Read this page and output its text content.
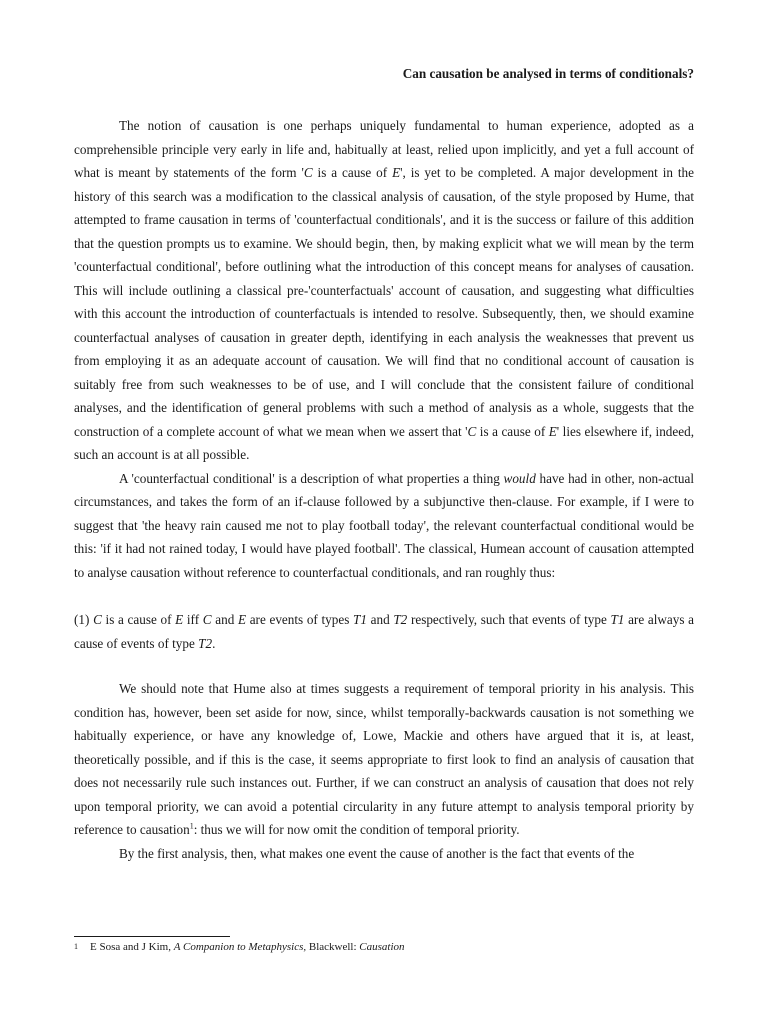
Can causation be analysed in terms of conditionals?

The notion of causation is one perhaps uniquely fundamental to human experience, adopted as a comprehensible principle very early in life and, habitually at least, relied upon implicitly, and yet a full account of what is meant by statements of the form 'C is a cause of E', is yet to be completed. A major development in the history of this search was a modification to the classical analysis of causation, of the style proposed by Hume, that attempted to frame causation in terms of 'counterfactual conditionals', and it is the success or failure of this addition that the question prompts us to examine. We should begin, then, by making explicit what we will mean by the term 'counterfactual conditional', before outlining what the introduction of this concept means for analyses of causation. This will include outlining a classical pre-'counterfactuals' account of causation, and suggesting what difficulties with this account the introduction of counterfactuals is intended to resolve. Subsequently, then, we should examine counterfactual analyses of causation in greater depth, identifying in each analysis the weaknesses that prevent us from employing it as an adequate account of causation. We will find that no conditional account of causation is suitably free from such weaknesses to be of use, and I will conclude that the consistent failure of conditional analyses, and the identification of general problems with such a method of analysis as a whole, suggests that the construction of a complete account of what we mean when we assert that 'C is a cause of E' lies elsewhere if, indeed, such an account is at all possible.

A 'counterfactual conditional' is a description of what properties a thing would have had in other, non-actual circumstances, and takes the form of an if-clause followed by a subjunctive then-clause. For example, if I were to suggest that 'the heavy rain caused me not to play football today', the relevant counterfactual conditional would be this: 'if it had not rained today, I would have played football'. The classical, Humean account of causation attempted to analyse causation without reference to counterfactual conditionals, and ran roughly thus:

(1) C is a cause of E iff C and E are events of types T1 and T2 respectively, such that events of type T1 are always a cause of events of type T2.

We should note that Hume also at times suggests a requirement of temporal priority in his analysis. This condition has, however, been set aside for now, since, whilst temporally-backwards causation is not something we habitually experience, or have any knowledge of, Lowe, Mackie and others have argued that it is, at least, theoretically possible, and if this is the case, it seems appropriate to first look to find an analysis of causation that does not necessarily rule such instances out. Further, if we can construct an analysis of causation that does not rely upon temporal priority, we can avoid a potential circularity in any future attempt to analysis temporal priority by reference to causation$^1$: thus we will for now omit the condition of temporal priority.

By the first analysis, then, what makes one event the cause of another is the fact that events of the

1 E Sosa and J Kim, A Companion to Metaphysics, Blackwell: Causation
